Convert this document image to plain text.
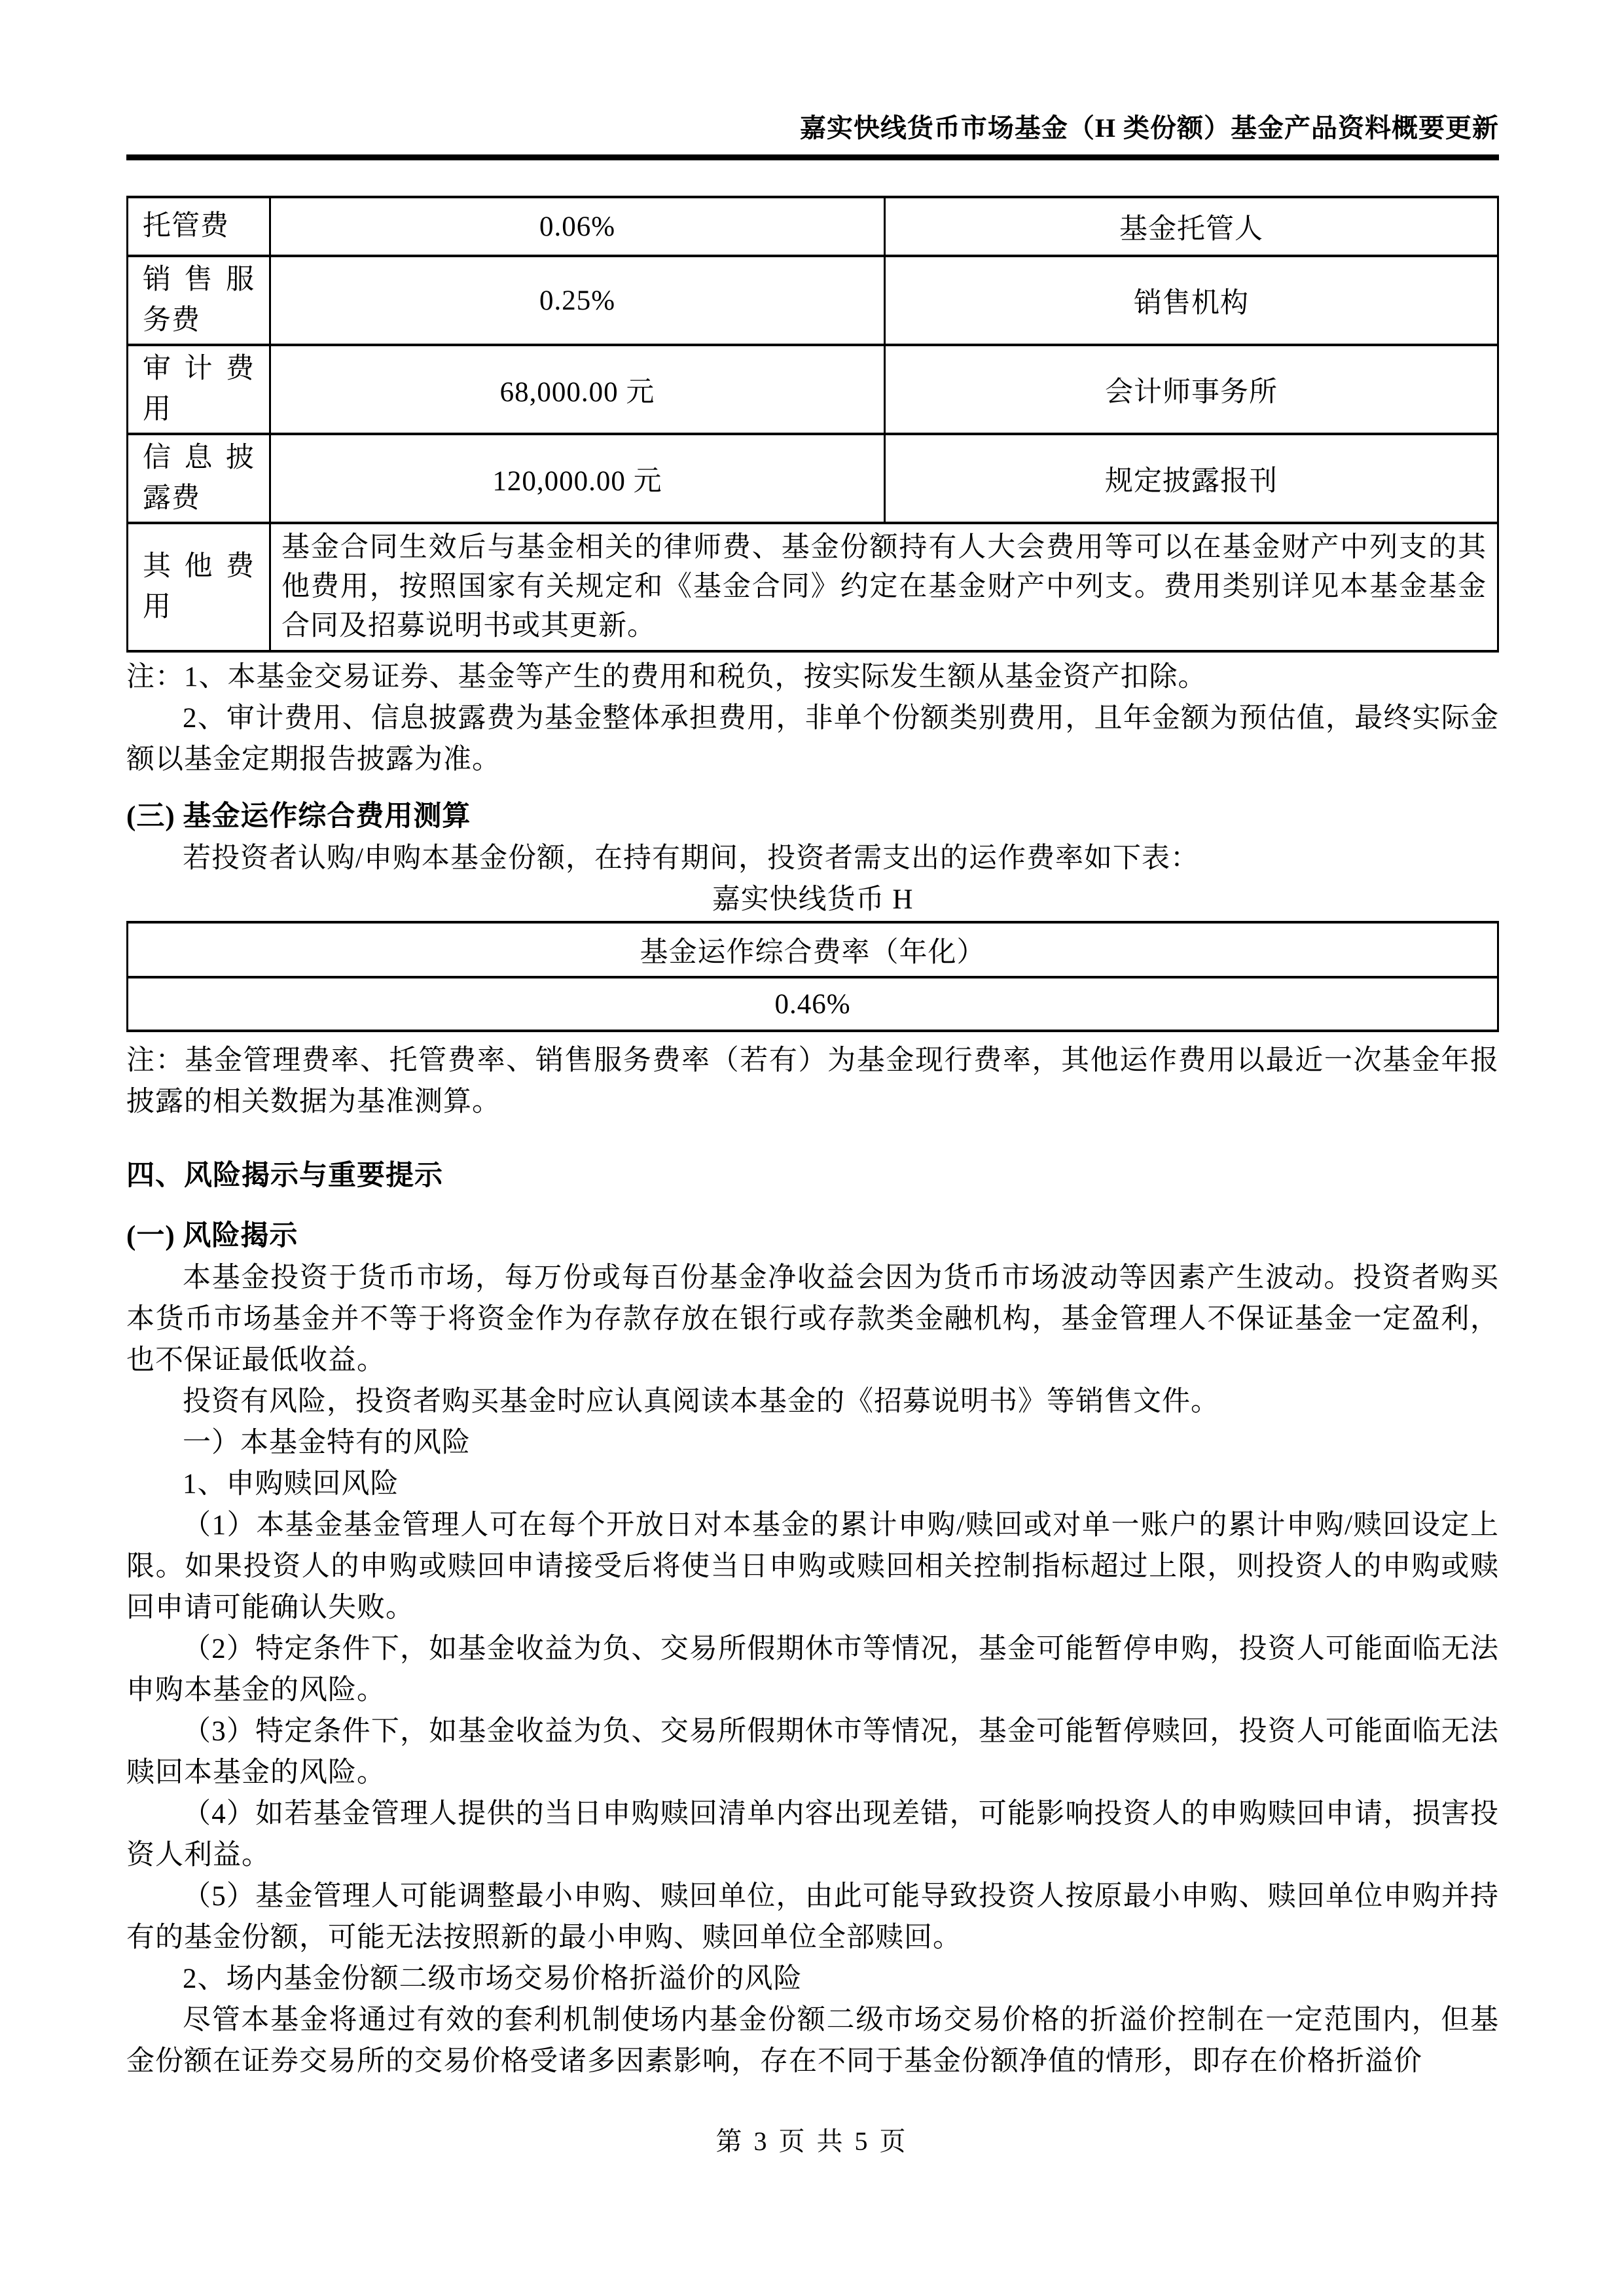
嘉实快线货币市场基金（H 类份额）基金产品资料概要更新
托管费	0.06%	基金托管人
销售服务费	0.25%	销售机构
审计费用	68,000.00 元	会计师事务所
信息披露费	120,000.00 元	规定披露报刊
其他费用	基金合同生效后与基金相关的律师费、基金份额持有人大会费用等可以在基金财产中列支的其他费用，按照国家有关规定和《基金合同》约定在基金财产中列支。费用类别详见本基金基金合同及招募说明书或其更新。	

注：1、本基金交易证券、基金等产生的费用和税负，按实际发生额从基金资产扣除。

2、审计费用、信息披露费为基金整体承担费用，非单个份额类别费用，且年金额为预估值，最终实际金额以基金定期报告披露为准。

(三) 基金运作综合费用测算

若投资者认购/申购本基金份额，在持有期间，投资者需支出的运作费率如下表：

嘉实快线货币 H
基金运作综合费率（年化）
0.46%

注：基金管理费率、托管费率、销售服务费率（若有）为基金现行费率，其他运作费用以最近一次基金年报披露的相关数据为基准测算。

四、风险揭示与重要提示

(一) 风险揭示

本基金投资于货币市场，每万份或每百份基金净收益会因为货币市场波动等因素产生波动。投资者购买本货币市场基金并不等于将资金作为存款存放在银行或存款类金融机构，基金管理人不保证基金一定盈利，也不保证最低收益。

投资有风险，投资者购买基金时应认真阅读本基金的《招募说明书》等销售文件。

一）本基金特有的风险

1、申购赎回风险

（1）本基金基金管理人可在每个开放日对本基金的累计申购/赎回或对单一账户的累计申购/赎回设定上限。如果投资人的申购或赎回申请接受后将使当日申购或赎回相关控制指标超过上限，则投资人的申购或赎回申请可能确认失败。

（2）特定条件下，如基金收益为负、交易所假期休市等情况，基金可能暂停申购，投资人可能面临无法申购本基金的风险。

（3）特定条件下，如基金收益为负、交易所假期休市等情况，基金可能暂停赎回，投资人可能面临无法赎回本基金的风险。

（4）如若基金管理人提供的当日申购赎回清单内容出现差错，可能影响投资人的申购赎回申请，损害投资人利益。

（5）基金管理人可能调整最小申购、赎回单位，由此可能导致投资人按原最小申购、赎回单位申购并持有的基金份额，可能无法按照新的最小申购、赎回单位全部赎回。

2、场内基金份额二级市场交易价格折溢价的风险

尽管本基金将通过有效的套利机制使场内基金份额二级市场交易价格的折溢价控制在一定范围内，但基金份额在证券交易所的交易价格受诸多因素影响，存在不同于基金份额净值的情形，即存在价格折溢价

第 3 页 共 5 页
